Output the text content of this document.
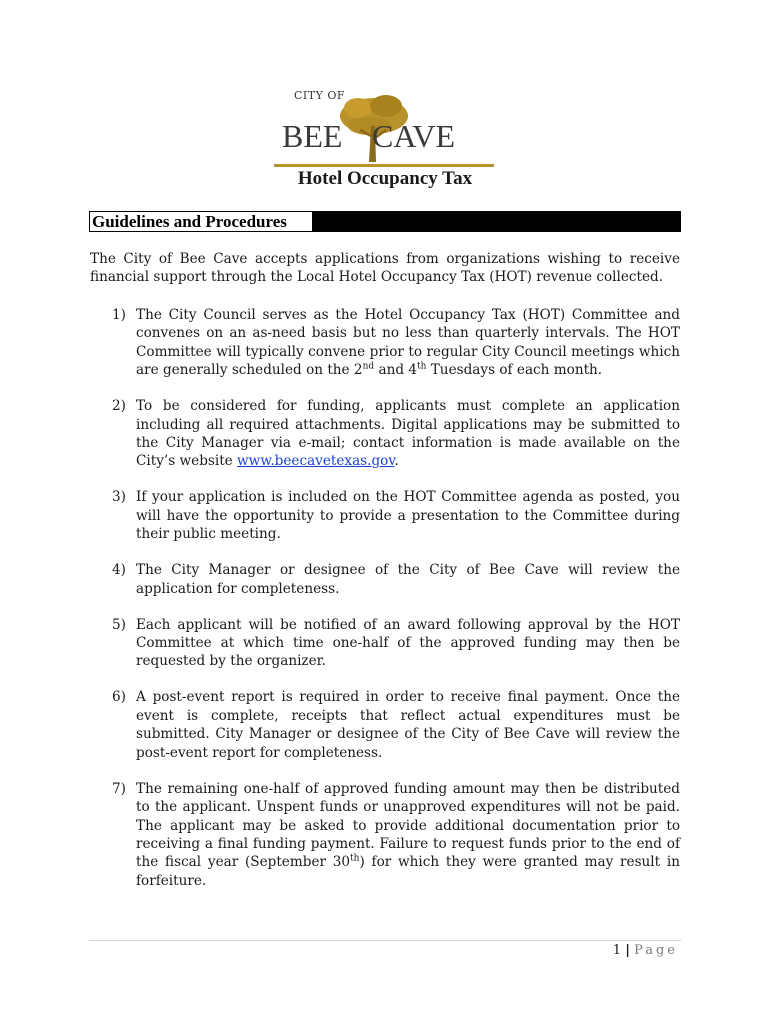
CITY OF
BEE CAVE
Hotel Occupancy Tax
Guidelines and Procedures

The City of Bee Cave accepts applications from organizations wishing to receive financial support through the Local Hotel Occupancy Tax (HOT) revenue collected.

1) The City Council serves as the Hotel Occupancy Tax (HOT) Committee and convenes on an as-need basis but no less than quarterly intervals. The HOT Committee will typically convene prior to regular City Council meetings which are generally scheduled on the 2nd and 4th Tuesdays of each month.
2) To be considered for funding, applicants must complete an application including all required attachments. Digital applications may be submitted to the City Manager via e-mail; contact information is made available on the City’s website www.beecavetexas.gov.
3) If your application is included on the HOT Committee agenda as posted, you will have the opportunity to provide a presentation to the Committee during their public meeting.
4) The City Manager or designee of the City of Bee Cave will review the application for completeness.
5) Each applicant will be notified of an award following approval by the HOT Committee at which time one-half of the approved funding may then be requested by the organizer.
6) A post-event report is required in order to receive final payment. Once the event is complete, receipts that reflect actual expenditures must be submitted. City Manager or designee of the City of Bee Cave will review the post-event report for completeness.
7) The remaining one-half of approved funding amount may then be distributed to the applicant. Unspent funds or unapproved expenditures will not be paid. The applicant may be asked to provide additional documentation prior to receiving a final funding payment. Failure to request funds prior to the end of the fiscal year (September 30th) for which they were granted may result in forfeiture.
1 | Page
